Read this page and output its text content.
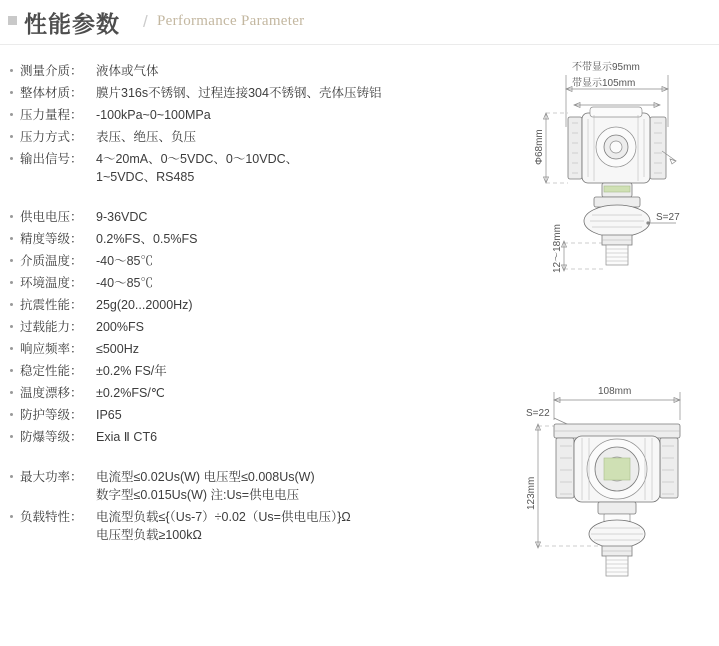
性能参数 / Performance Parameter
测量介质：	液体或气体
整体材质：	膜片316s不锈钢、过程连接304不锈钢、壳体压铸铝
压力量程：	-100kPa~0~100MPa
压力方式：	表压、绝压、负压
输出信号：	4～20mA、0～5VDC、0～10VDC、
1~5VDC、RS485
供电电压：	9-36VDC
精度等级：	0.2%FS、0.5%FS
介质温度：	-40～85℃
环境温度：	-40～85℃
抗震性能：	25g(20...2000Hz)
过载能力：	200%FS
响应频率：	≤500Hz
稳定性能：	±0.2% FS/年
温度漂移：	±0.2%FS/℃
防护等级：	IP65
防爆等级：	Exia Ⅱ CT6
最大功率：	电流型≤0.02Us(W) 电压型≤0.008Us(W)
数字型≤0.015Us(W) 注:Us=供电电压
负载特性：	电流型负载≤{（Us-7）÷0.02（Us=供电电压）}Ω
电压型负载≥100kΩ
不带显示95mm
带显示105mm
Φ68mm
S=27
12～18mm
108mm
S=22
123mm
